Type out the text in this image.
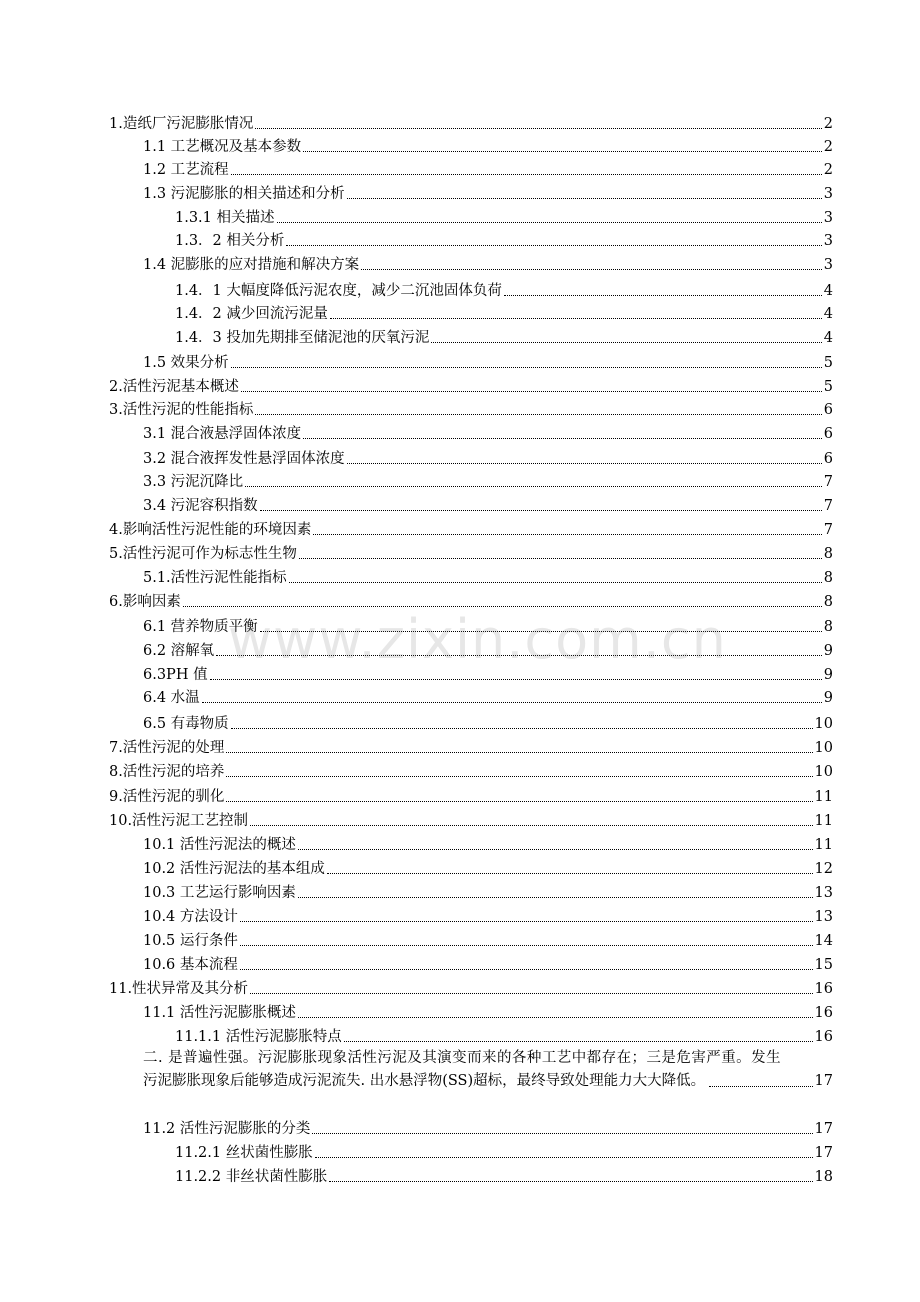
1.造纸厂污泥膨胀情况	2
1.1 工艺概况及基本参数	2
1.2 工艺流程	2
1.3 污泥膨胀的相关描述和分析	3
1.3.1 相关描述	3
1.3．2 相关分析	3
1.4 泥膨胀的应对措施和解决方案	3
1.4．1 大幅度降低污泥农度，减少二沉池固体负荷	4
1.4．2 减少回流污泥量	4
1.4．3 投加先期排至储泥池的厌氧污泥	4
1.5 效果分析	5
2.活性污泥基本概述	5
3.活性污泥的性能指标	6
3.1 混合液悬浮固体浓度	6
3.2 混合液挥发性悬浮固体浓度	6
3.3 污泥沉降比	7
3.4 污泥容积指数	7
4.影响活性污泥性能的环境因素	7
5.活性污泥可作为标志性生物	8
5.1.活性污泥性能指标	8
6.影响因素	8
6.1 营养物质平衡	8
6.2 溶解氧	9
6.3PH 值	9
6.4 水温	9
6.5 有毒物质	10
7.活性污泥的处理	10
8.活性污泥的培养	10
9.活性污泥的驯化	11
10.活性污泥工艺控制	11
10.1 活性污泥法的概述	11
10.2 活性污泥法的基本组成	12
10.3 工艺运行影响因素	13
10.4 方法设计	13
10.5 运行条件	14
10.6 基本流程	15
11.性状异常及其分析	16
11.1 活性污泥膨胀概述	16
11.1.1 活性污泥膨胀特点	16
11.2 活性污泥膨胀的分类	17
11.2.1 丝状菌性膨胀	17
11.2.2 非丝状菌性膨胀	18
二. 是普遍性强。污泥膨胀现象活性污泥及其演变而来的各种工艺中都存在；三是危害严重。发生
污泥膨胀现象后能够造成污泥流失. 出水悬浮物(SS)超标，最终导致处理能力大大降低。	17
www.zixin.com.cn
